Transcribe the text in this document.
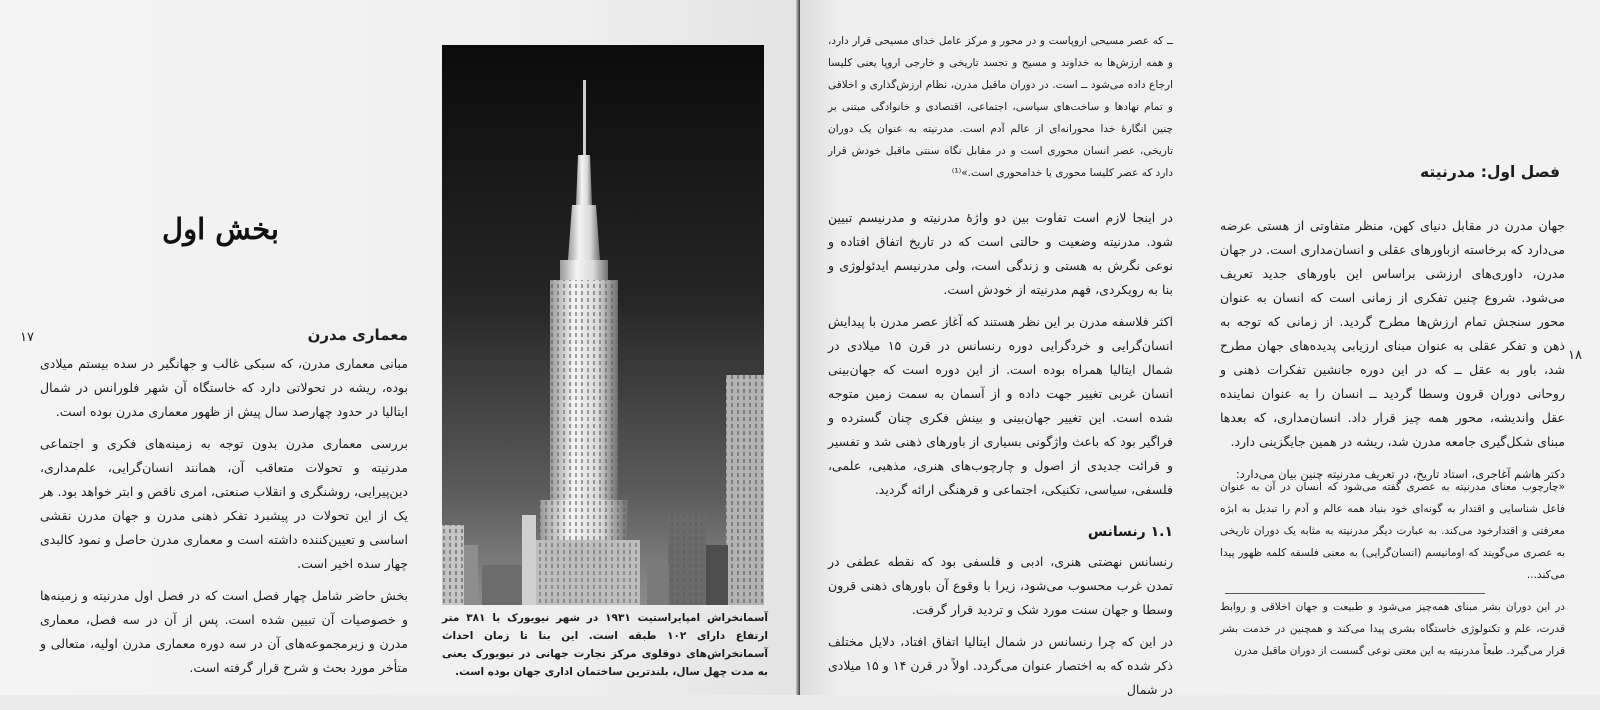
۱۷
بخش اول
معماری مدرن

مبانی معماری مدرن، که سبکی غالب و جهانگیر در سده بیستم میلادی بوده، ریشه در تحولاتی دارد که خاستگاه آن شهر فلورانس در شمال ایتالیا در حدود چهارصد سال پیش از ظهور معماری مدرن بوده است.

بررسی معماری مدرن بدون توجه به زمینه‌های فکری و اجتماعی مدرنیته و تحولات متعاقب آن، همانند انسان‌گرایی، علم‌مداری، دین‌پیرایی، روشنگری و انقلاب صنعتی، امری ناقص و ابتر خواهد بود. هر یک از این تحولات در پیشبرد تفکر ذهنی مدرن و جهان مدرن نقشی اساسی و تعیین‌کننده داشته است و معماری مدرن حاصل و نمود کالبدی چهار سده اخیر است.

بخش حاضر شامل چهار فصل است که در فصل اول مدرنیته و زمینه‌ها و خصوصیات آن تبیین شده است. پس از آن در سه فصل، معماری مدرن و زیرمجموعه‌های آن در سه دوره معماری مدرن اولیه، متعالی و متأخر مورد بحث و شرح قرار گرفته است.

آسمانخراش امپایراستیت ۱۹۳۱ در شهر نیویورک با ۳۸۱ متر ارتفاع دارای ۱۰۲ طبقه است. این بنا تا زمان احداث آسمانخراش‌های دوقلوی مرکز تجارت جهانی در نیویورک یعنی به مدت چهل سال، بلندترین ساختمان اداری جهان بوده است.
۱۸
ــ که عصر مسیحی اروپاست و در محور و مرکز عامل خدای مسیحی قرار دارد، و همه ارزش‌ها به خداوند و مسیح و تجسد تاریخی و خارجی اروپا یعنی کلیسا ارجاع داده می‌شود ــ است. در دوران ماقبل مدرن، نظام ارزش‌گذاری و اخلاقی و تمام نهادها و ساخت‌های سیاسی، اجتماعی، اقتصادی و خانوادگی مبتنی بر چنین انگارهٔ خدا محورانه‌ای از عالم آدم است. مدرنیته به عنوان یک دوران تاریخی، عصر انسان محوری است و در مقابل نگاه سنتی ماقبل خودش قرار دارد که عصر کلیسا محوری یا خدامحوری است.»⁽¹⁾

در اینجا لازم است تفاوت بین دو واژهٔ مدرنیته و مدرنیسم تبیین شود. مدرنیته وضعیت و حالتی است که در تاریخ اتفاق افتاده و نوعی نگرش به هستی و زندگی است، ولی مدرنیسم ایدئولوژی و بنا به رویکردی، فهم مدرنیته از خودش است.

اکثر فلاسفه مدرن بر این نظر هستند که آغاز عصر مدرن با پیدایش انسان‌گرایی و خردگرایی دوره رنسانس در قرن ۱۵ میلادی در شمال ایتالیا همراه بوده است. از این دوره است که جهان‌بینی انسان غربی تغییر جهت داده و از آسمان به سمت زمین متوجه شده است. این تغییر جهان‌بینی و بینش فکری چنان گسترده و فراگیر بود که باعث واژگونی بسیاری از باورهای ذهنی شد و تفسیر و قرائت جدیدی از اصول و چارچوب‌های هنری، مذهبی، علمی، فلسفی، سیاسی، تکنیکی، اجتماعی و فرهنگی ارائه گردید.

۱.۱ رنسانس

رنسانس نهضتی هنری، ادبی و فلسفی بود که نقطه عطفی در تمدن غرب محسوب می‌شود، زیرا با وقوع آن باورهای ذهنی قرون وسطا و جهان سنت مورد شک و تردید قرار گرفت.

در این که چرا رنسانس در شمال ایتالیا اتفاق افتاد، دلایل مختلف ذکر شده که به اختصار عنوان می‌گردد. اولاً در قرن ۱۴ و ۱۵ میلادی در شمال

فصل اول: مدرنیته

جهان مدرن در مقابل دنیای کهن، منظر متفاوتی از هستی عرضه می‌دارد که برخاسته ازباورهای عقلی و انسان‌مداری است. در جهان مدرن، داوری‌های ارزشی براساس این باورهای جدید تعریف می‌شود. شروع چنین تفکری از زمانی است که انسان به عنوان محور سنجش تمام ارزش‌ها مطرح گردید. از زمانی که توجه به ذهن و تفکر عقلی به عنوان مبنای ارزیابی پدیده‌های جهان مطرح شد، باور به عقل ــ که در این دوره جانشین تفکرات ذهنی و روحانی دوران قرون وسطا گردید ــ انسان را به عنوان نماینده عقل واندیشه، محور همه چیز قرار داد. انسان‌مداری، که بعدها مبنای شکل‌گیری جامعه مدرن شد، ریشه در همین جایگزینی دارد.

دکتر هاشم آغاجری، استاد تاریخ، در تعریف مدرنیته چنین بیان می‌دارد:

«چارچوب معنای مدرنیته به عصری گفته می‌شود که انسان در آن به عنوان فاعل شناسایی و اقتدار به گونه‌ای خود بنیاد همه عالم و آدم را تبدیل به ابژه معرفتی و اقتدارخود می‌کند. به عبارت دیگر مدرنیته به مثابه یک دوران تاریخی به عصری می‌گویند که اومانیسم (انسان‌گرایی) به معنی فلسفه کلمه ظهور پیدا می‌کند...
در این دوران بشر مبنای همه‌چیز می‌شود و طبیعت و جهان اخلاقی و روابط قدرت، علم و تکنولوژی خاستگاه بشری پیدا می‌کند و همچنین در خدمت بشر قرار می‌گیرد. طبعاً مدرنیته به این معنی نوعی گسست از دوران ماقبل مدرن
